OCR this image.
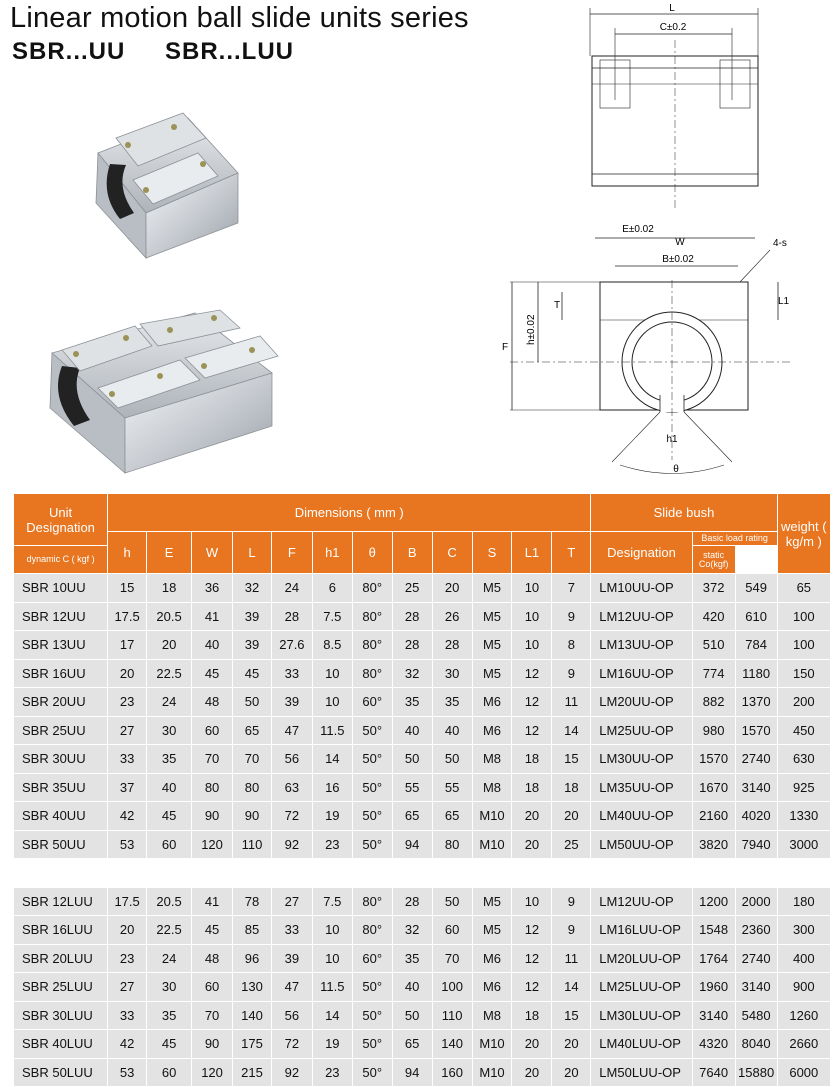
Linear motion ball slide units series
SBR...UU SBR...LUU
L
C±0.2
E±0.02
W
B±0.02
4-s
F
h±0.02
T	L1
h1
θ
Unit Designation	Dimensions ( mm )												Slide bush			weight ( kg/m )
	h	E	W	L	F	h1	θ	B	C	S	L1	T	Designation	Basic load rating		
dynamic C ( kgf )														static Co(kgf)		
SBR 10UU	15	18	36	32	24	6	80°	25	20	M5	10	7	LM10UU-OP	372	549	65
SBR 12UU	17.5	20.5	41	39	28	7.5	80°	28	26	M5	10	9	LM12UU-OP	420	610	100
SBR 13UU	17	20	40	39	27.6	8.5	80°	28	28	M5	10	8	LM13UU-OP	510	784	100
SBR 16UU	20	22.5	45	45	33	10	80°	32	30	M5	12	9	LM16UU-OP	774	1180	150
SBR 20UU	23	24	48	50	39	10	60°	35	35	M6	12	11	LM20UU-OP	882	1370	200
SBR 25UU	27	30	60	65	47	11.5	50°	40	40	M6	12	14	LM25UU-OP	980	1570	450
SBR 30UU	33	35	70	70	56	14	50°	50	50	M8	18	15	LM30UU-OP	1570	2740	630
SBR 35UU	37	40	80	80	63	16	50°	55	55	M8	18	18	LM35UU-OP	1670	3140	925
SBR 40UU	42	45	90	90	72	19	50°	65	65	M10	20	20	LM40UU-OP	2160	4020	1330
SBR 50UU	53	60	120	110	92	23	50°	94	80	M10	20	25	LM50UU-OP	3820	7940	3000

SBR 12LUU	17.5	20.5	41	78	27	7.5	80°	28	50	M5	10	9	LM12UU-OP	1200	2000	180
SBR 16LUU	20	22.5	45	85	33	10	80°	32	60	M5	12	9	LM16LUU-OP	1548	2360	300
SBR 20LUU	23	24	48	96	39	10	60°	35	70	M6	12	11	LM20LUU-OP	1764	2740	400
SBR 25LUU	27	30	60	130	47	11.5	50°	40	100	M6	12	14	LM25LUU-OP	1960	3140	900
SBR 30LUU	33	35	70	140	56	14	50°	50	110	M8	18	15	LM30LUU-OP	3140	5480	1260
SBR 40LUU	42	45	90	175	72	19	50°	65	140	M10	20	20	LM40LUU-OP	4320	8040	2660
SBR 50LUU	53	60	120	215	92	23	50°	94	160	M10	20	20	LM50LUU-OP	7640	15880	6000
